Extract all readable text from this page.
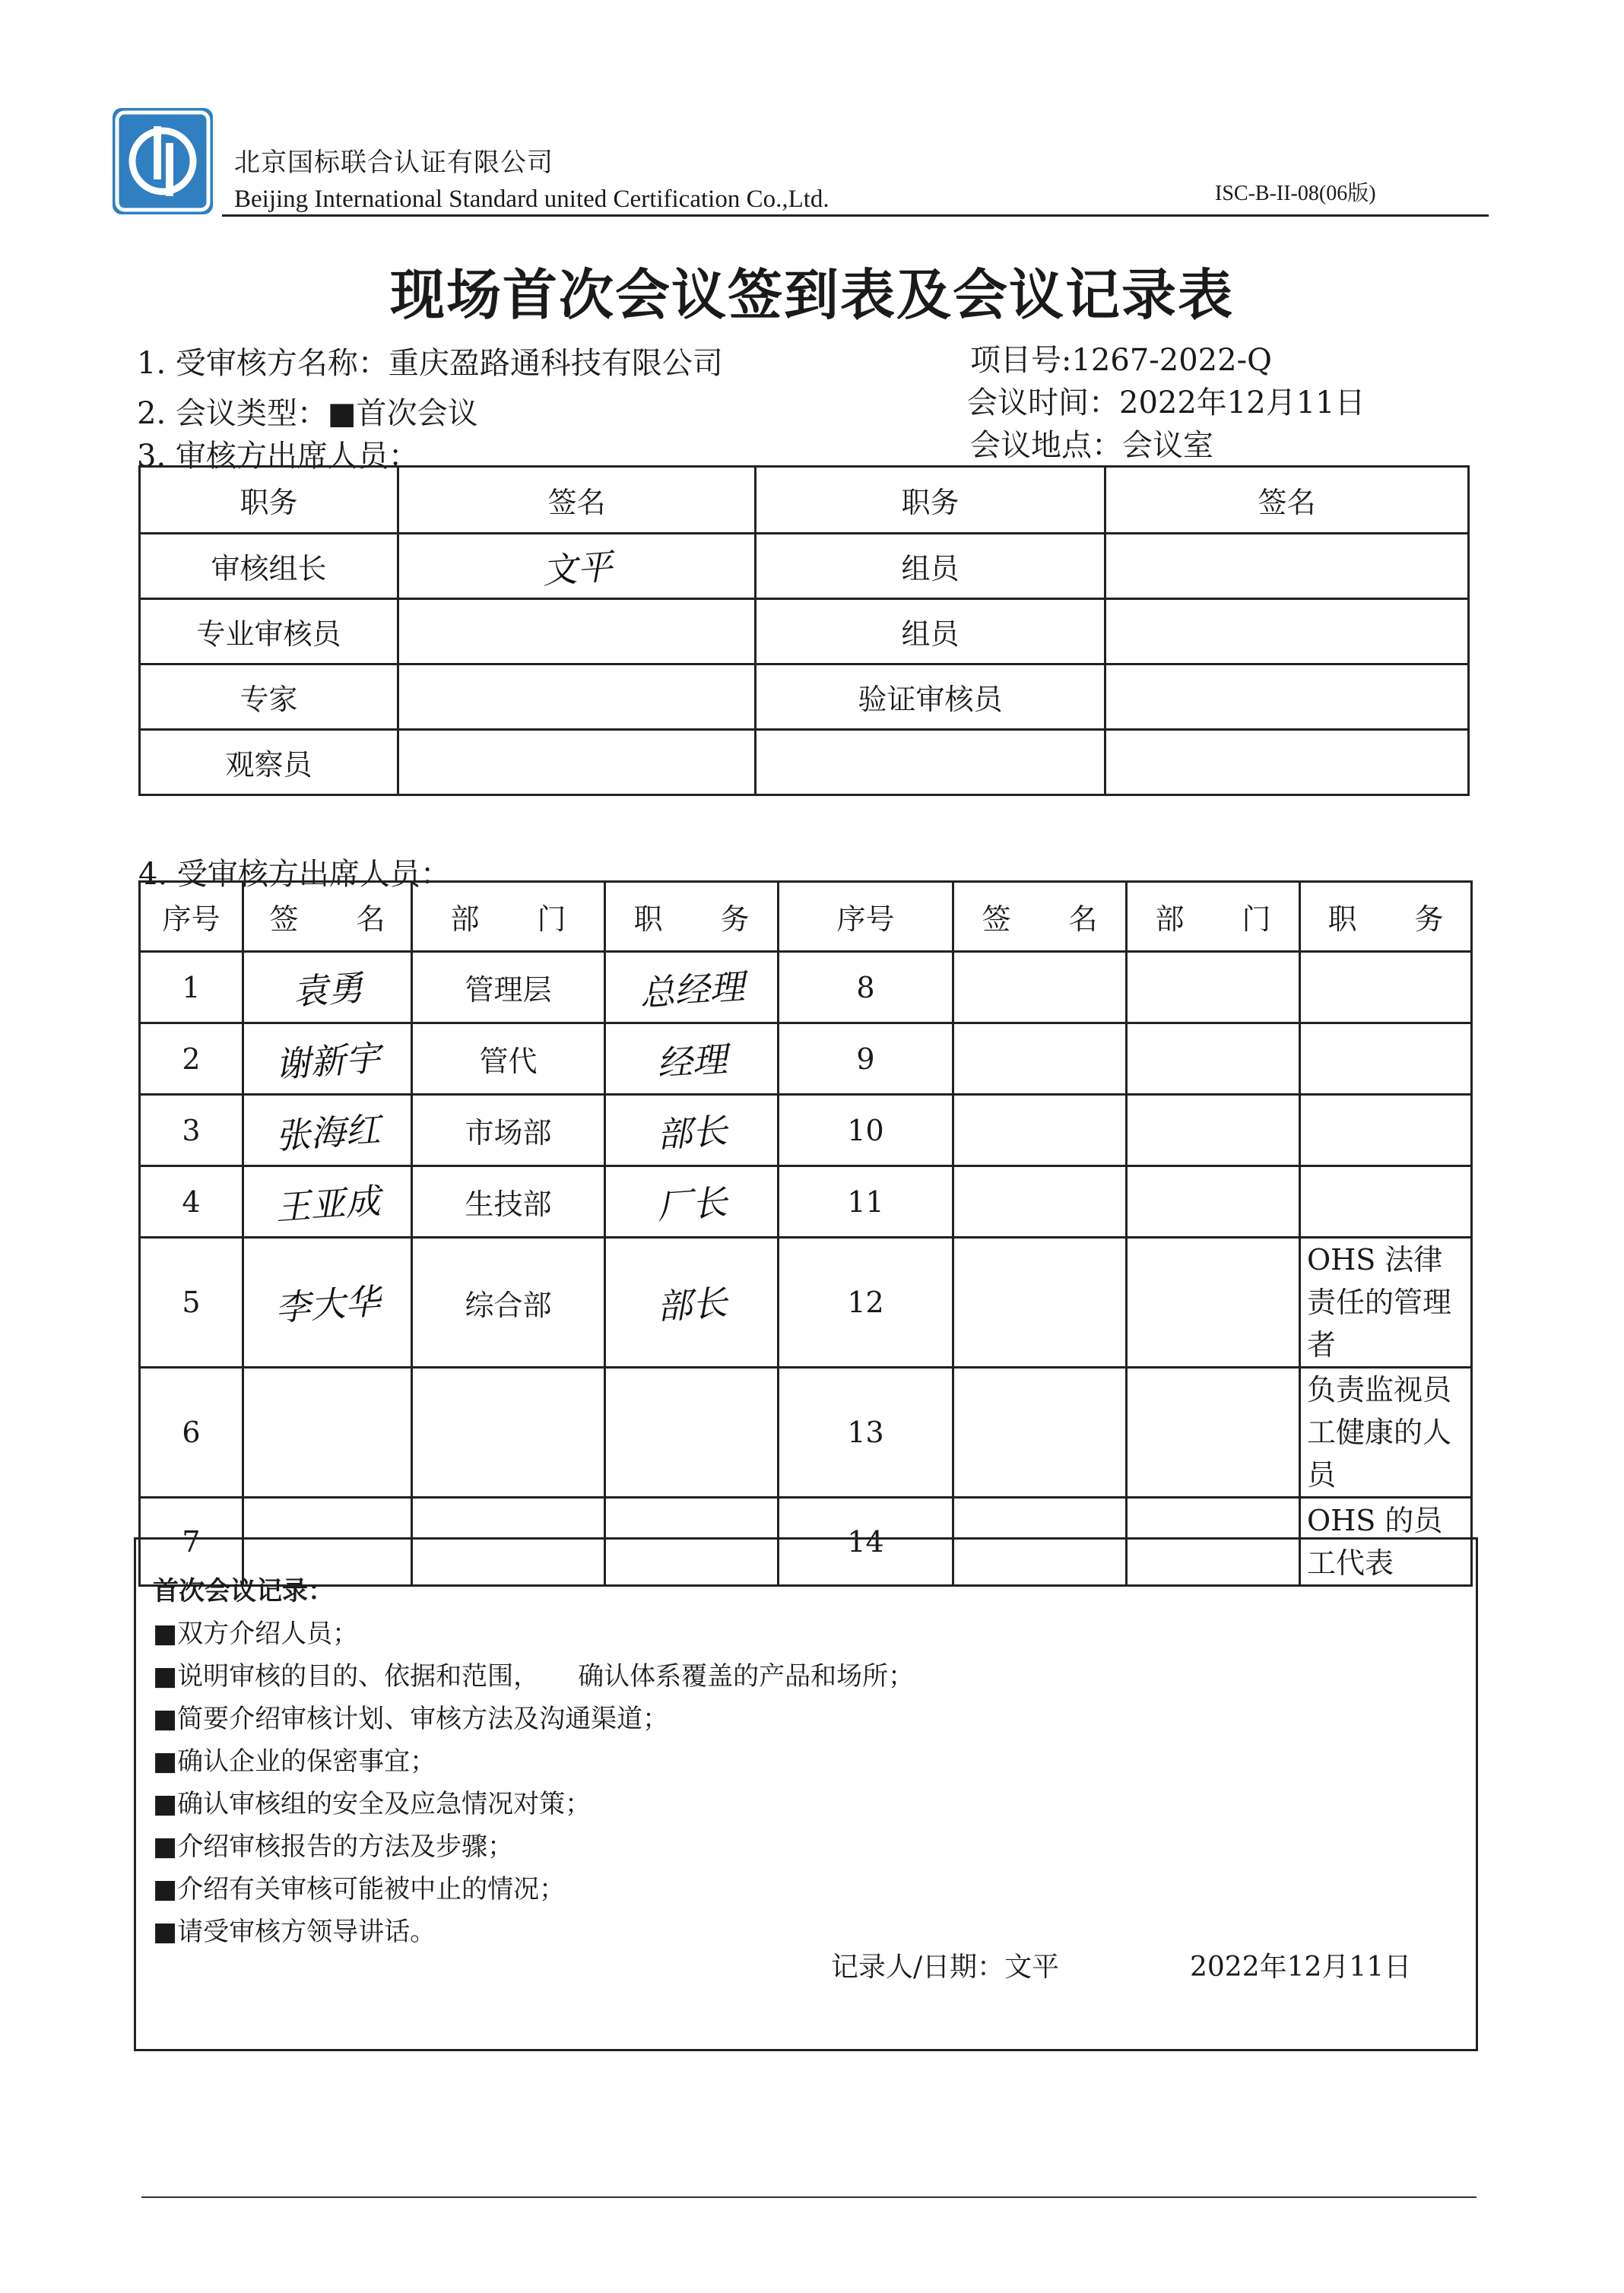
北京国标联合认证有限公司
Beijing International Standard united Certification Co.,Ltd.	ISC-B-II-08(06版)
现场首次会议签到表及会议记录表
1. 受审核方名称：重庆盈路通科技有限公司
2. 会议类型：■首次会议
3. 审核方出席人员：
项目号:1267-2022-Q
会议时间：2022年12月11日
会议地点：会议室
职务	签名	职务	签名
审核组长	文平	组员	
专业审核员		组员	
专家		验证审核员	
观察员			
4. 受审核方出席人员：
序号	签　　名	部　　门	职　　务	序号	签　　名	部　　门	职　　务
1	袁勇	管理层	总经理	8			
2	谢新宇	管代	经理	9			
3	张海红	市场部	部长	10			
4	王亚成	生技部	厂长	11			
5	李大华	综合部	部长	12			OHS 法律责任的管理者
6				13			负责监视员工健康的人员
7				14			OHS 的员工代表
首次会议记录：
■双方介绍人员；
■说明审核的目的、依据和范围，　　确认体系覆盖的产品和场所；
■简要介绍审核计划、审核方法及沟通渠道；
■确认企业的保密事宜；
■确认审核组的安全及应急情况对策；
■介绍审核报告的方法及步骤；
■介绍有关审核可能被中止的情况；
■请受审核方领导讲话。
记录人/日期：文平	2022年12月11日
